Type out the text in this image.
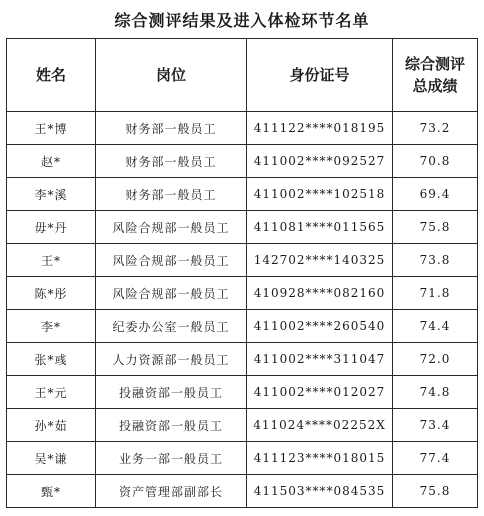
综合测评结果及进入体检环节名单
姓名	岗位	身份证号	综合测评
总成绩

王*博	财务部一般员工	411122****018195	73.2
赵*	财务部一般员工	411002****092527	70.8
李*溪	财务部一般员工	411002****102518	69.4
毋*丹	风险合规部一般员工	411081****011565	75.8
王*	风险合规部一般员工	142702****140325	73.8
陈*彤	风险合规部一般员工	410928****082160	71.8
李*	纪委办公室一般员工	411002****260540	74.4
张*彧	人力资源部一般员工	411002****311047	72.0
王*元	投融资部一般员工	411002****012027	74.8
孙*茹	投融资部一般员工	411024****02252X	73.4
吴*谦	业务一部一般员工	411123****018015	77.4
甄*	资产管理部副部长	411503****084535	75.8
